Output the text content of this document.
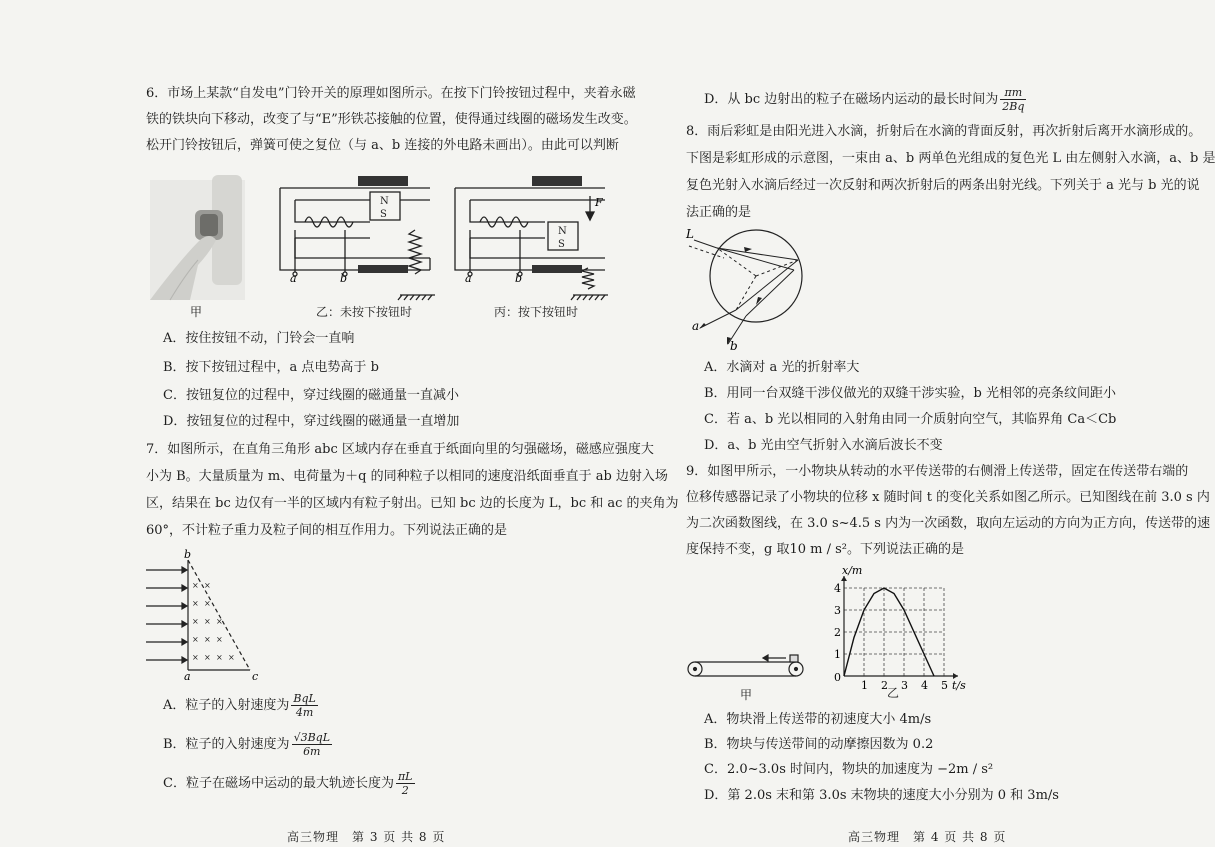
6．市场上某款“自发电”门铃开关的原理如图所示。在按下门铃按钮过程中，夹着永磁
铁的铁块向下移动，改变了与“E”形铁芯接触的位置，使得通过线圈的磁场发生改变。
松开门铃按钮后，弹簧可使之复位（与 a、b 连接的外电路未画出）。由此可以判断
N
S
a	b
N
S
F
a	b
甲	乙：未按下按钮时	丙：按下按钮时
A．按住按钮不动，门铃会一直响
B．按下按钮过程中，a 点电势高于 b
C．按钮复位的过程中，穿过线圈的磁通量一直减小
D．按钮复位的过程中，穿过线圈的磁通量一直增加
7．如图所示，在直角三角形 abc 区域内存在垂直于纸面向里的匀强磁场，磁感应强度大
小为 B。大量质量为 m、电荷量为＋q 的同种粒子以相同的速度沿纸面垂直于 ab 边射入场
区，结果在 bc 边仅有一半的区域内有粒子射出。已知 bc 边的长度为 L，bc 和 ac 的夹角为
60°，不计粒子重力及粒子间的相互作用力。下列说法正确的是
× ×
× ×
× × ×
× × ×
× × × ×
b
a	c
A．粒子的入射速度为 $\frac{\text{BqL}}{4m}$
B．粒子的入射速度为 $\frac{\text{√3BqL}}{6m}$
C．粒子在磁场中运动的最大轨迹长度为 $\frac{\pi L}{2}$
高三物理　第 3 页 共 8 页
D．从 bc 边射出的粒子在磁场内运动的最长时间为 $\frac{\pi m}{2Bq}$
8．雨后彩虹是由阳光进入水滴，折射后在水滴的背面反射，再次折射后离开水滴形成的。
下图是彩虹形成的示意图，一束由 a、b 两单色光组成的复色光 L 由左侧射入水滴，a、b 是
复色光射入水滴后经过一次反射和两次折射后的两条出射光线。下列关于 a 光与 b 光的说
法正确的是
L
a
b
A．水滴对 a 光的折射率大
B．用同一台双缝干涉仪做光的双缝干涉实验，b 光相邻的亮条纹间距小
C．若 a、b 光以相同的入射角由同一介质射向空气，其临界角 Ca＜Cb
D．a、b 光由空气折射入水滴后波长不变
9．如图甲所示，一小物块从转动的水平传送带的右侧滑上传送带，固定在传送带右端的
位移传感器记录了小物块的位移 x 随时间 t 的变化关系如图乙所示。已知图线在前 3.0 s 内
为二次函数图线，在 3.0 s~4.5 s 内为一次函数，取向左运动的方向为正方向，传送带的速
度保持不变，g 取10 m / s²。下列说法正确的是
甲
1 2 3 4 5
1
2
3
4
0
t/s
x/m
乙
A．物块滑上传送带的初速度大小 4m/s
B．物块与传送带间的动摩擦因数为 0.2
C．2.0~3.0s 时间内，物块的加速度为 −2m / s²
D．第 2.0s 末和第 3.0s 末物块的速度大小分别为 0 和 3m/s
高三物理　第 4 页 共 8 页
